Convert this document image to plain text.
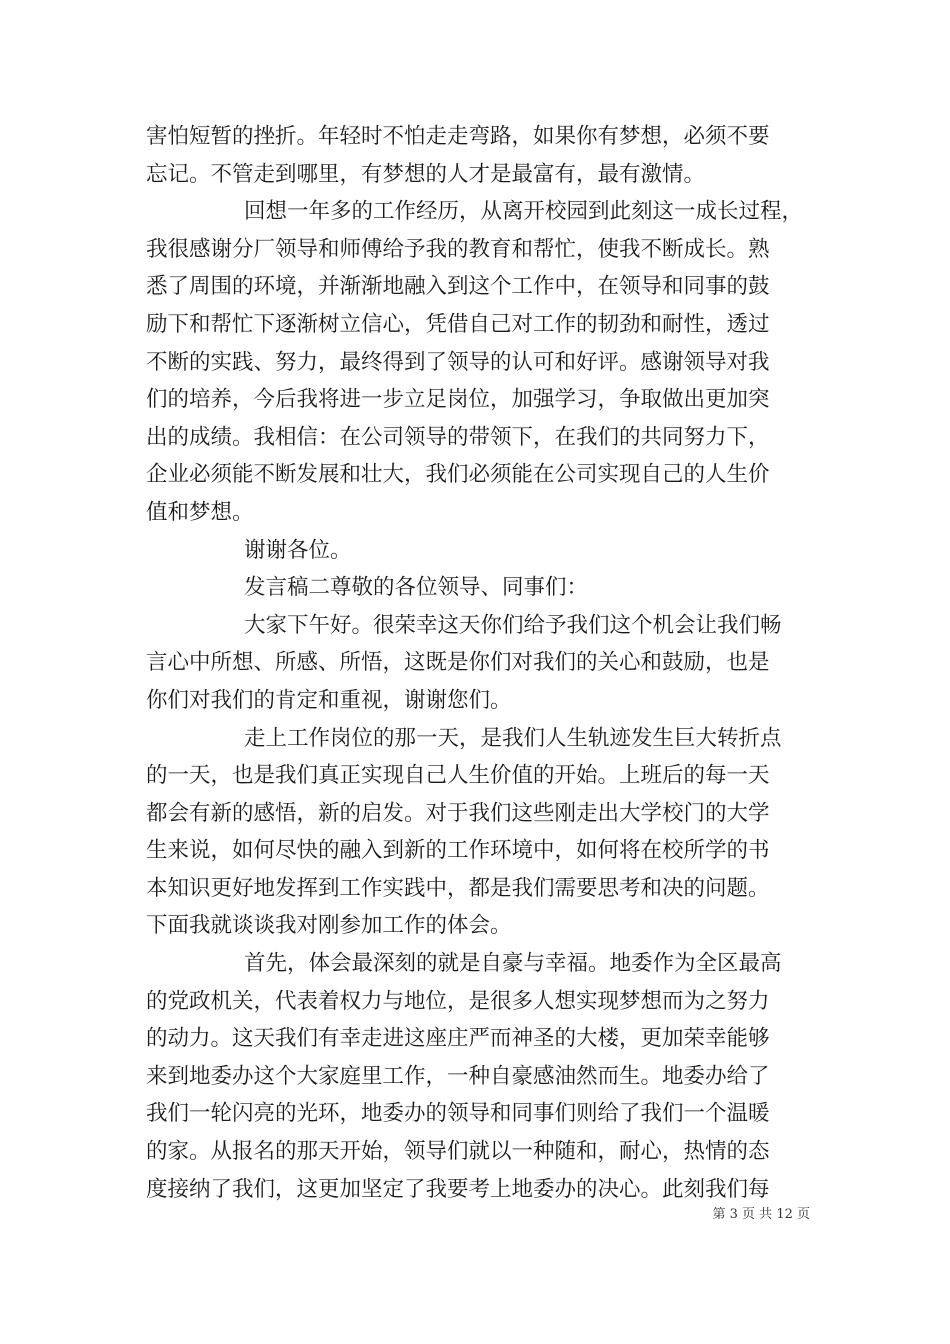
害怕短暂的挫折。年轻时不怕走走弯路，如果你有梦想，必须不要
忘记。不管走到哪里，有梦想的人才是最富有，最有激情。
回想一年多的工作经历，从离开校园到此刻这一成长过程，
我很感谢分厂领导和师傅给予我的教育和帮忙，使我不断成长。熟
悉了周围的环境，并渐渐地融入到这个工作中，在领导和同事的鼓
励下和帮忙下逐渐树立信心，凭借自己对工作的韧劲和耐性，透过
不断的实践、努力，最终得到了领导的认可和好评。感谢领导对我
们的培养，今后我将进一步立足岗位，加强学习，争取做出更加突
出的成绩。我相信：在公司领导的带领下，在我们的共同努力下，
企业必须能不断发展和壮大，我们必须能在公司实现自己的人生价
值和梦想。
谢谢各位。
发言稿二尊敬的各位领导、同事们：
大家下午好。很荣幸这天你们给予我们这个机会让我们畅
言心中所想、所感、所悟，这既是你们对我们的关心和鼓励，也是
你们对我们的肯定和重视，谢谢您们。
走上工作岗位的那一天，是我们人生轨迹发生巨大转折点
的一天，也是我们真正实现自己人生价值的开始。上班后的每一天
都会有新的感悟，新的启发。对于我们这些刚走出大学校门的大学
生来说，如何尽快的融入到新的工作环境中，如何将在校所学的书
本知识更好地发挥到工作实践中，都是我们需要思考和决的问题。
下面我就谈谈我对刚参加工作的体会。
首先，体会最深刻的就是自豪与幸福。地委作为全区最高
的党政机关，代表着权力与地位，是很多人想实现梦想而为之努力
的动力。这天我们有幸走进这座庄严而神圣的大楼，更加荣幸能够
来到地委办这个大家庭里工作，一种自豪感油然而生。地委办给了
我们一轮闪亮的光环，地委办的领导和同事们则给了我们一个温暖
的家。从报名的那天开始，领导们就以一种随和，耐心，热情的态
度接纳了我们，这更加坚定了我要考上地委办的决心。此刻我们每
第 3 页 共 12 页
